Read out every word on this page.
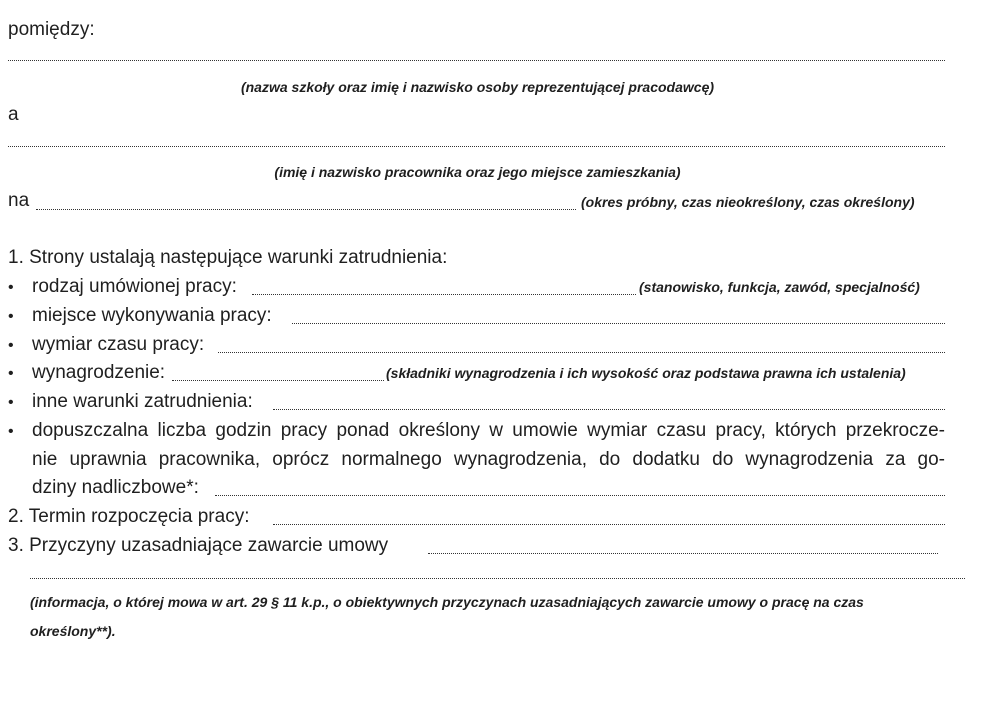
pomiędzy:
(nazwa szkoły oraz imię i nazwisko osoby reprezentującej pracodawcę)
a
(imię i nazwisko pracownika oraz jego miejsce zamieszkania)
na	(okres próbny, czas nieokreślony, czas określony)
1. Strony ustalają następujące warunki zatrudnienia:
• rodzaj umówionej pracy:	(stanowisko, funkcja, zawód, specjalność)
• miejsce wykonywania pracy:
• wymiar czasu pracy:
• wynagrodzenie:	(składniki wynagrodzenia i ich wysokość oraz podstawa prawna ich ustalenia)
• inne warunki zatrudnienia:
• dopuszczalna liczba godzin pracy ponad określony w umowie wymiar czasu pracy, których przekrocze-
nie uprawnia pracownika, oprócz normalnego wynagrodzenia, do dodatku do wynagrodzenia za go-
dziny nadliczbowe*:
2. Termin rozpoczęcia pracy:
3. Przyczyny uzasadniające zawarcie umowy
(informacja, o której mowa w art. 29 § 11 k.p., o obiektywnych przyczynach uzasadniających zawarcie umowy o pracę na czas
określony**).
